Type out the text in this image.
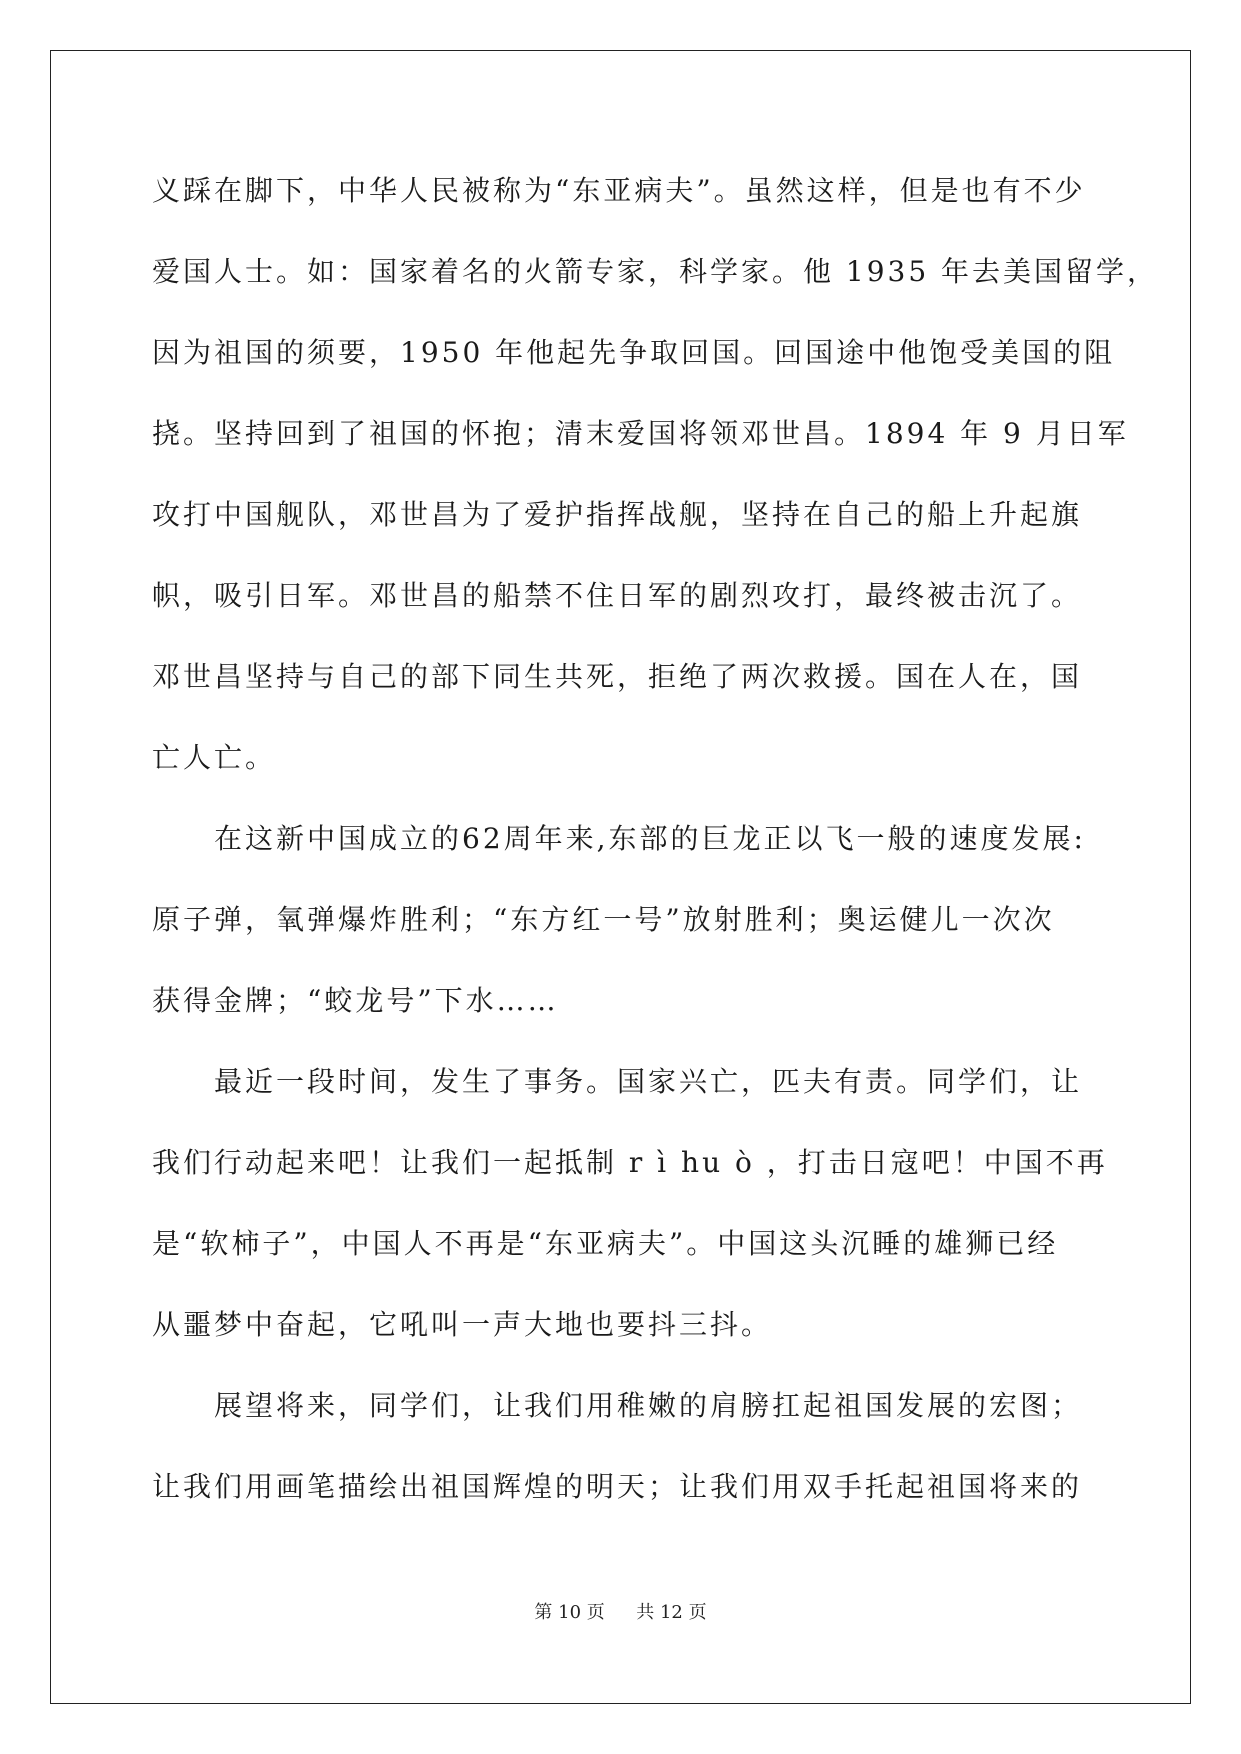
义踩在脚下，中华人民被称为“东亚病夫”。虽然这样，但是也有不少
爱国人士。如：国家着名的火箭专家，科学家。他 1935 年去美国留学，
因为祖国的须要，1950 年他起先争取回国。回国途中他饱受美国的阻
挠。坚持回到了祖国的怀抱；清末爱国将领邓世昌。1894 年 9 月日军
攻打中国舰队，邓世昌为了爱护指挥战舰，坚持在自己的船上升起旗
帜，吸引日军。邓世昌的船禁不住日军的剧烈攻打，最终被击沉了。
邓世昌坚持与自己的部下同生共死，拒绝了两次救援。国在人在，国
亡人亡。
在这新中国成立的62周年来,东部的巨龙正以飞一般的速度发展:
原子弹，氧弹爆炸胜利；“东方红一号”放射胜利；奥运健儿一次次
获得金牌；“蛟龙号”下水……
最近一段时间，发生了事务。国家兴亡，匹夫有责。同学们，让
我们行动起来吧！让我们一起抵制 r ì hu ò ，打击日寇吧！中国不再
是“软柿子”，中国人不再是“东亚病夫”。中国这头沉睡的雄狮已经
从噩梦中奋起，它吼叫一声大地也要抖三抖。
展望将来，同学们，让我们用稚嫩的肩膀扛起祖国发展的宏图；
让我们用画笔描绘出祖国辉煌的明天；让我们用双手托起祖国将来的
第 10 页 共 12 页
